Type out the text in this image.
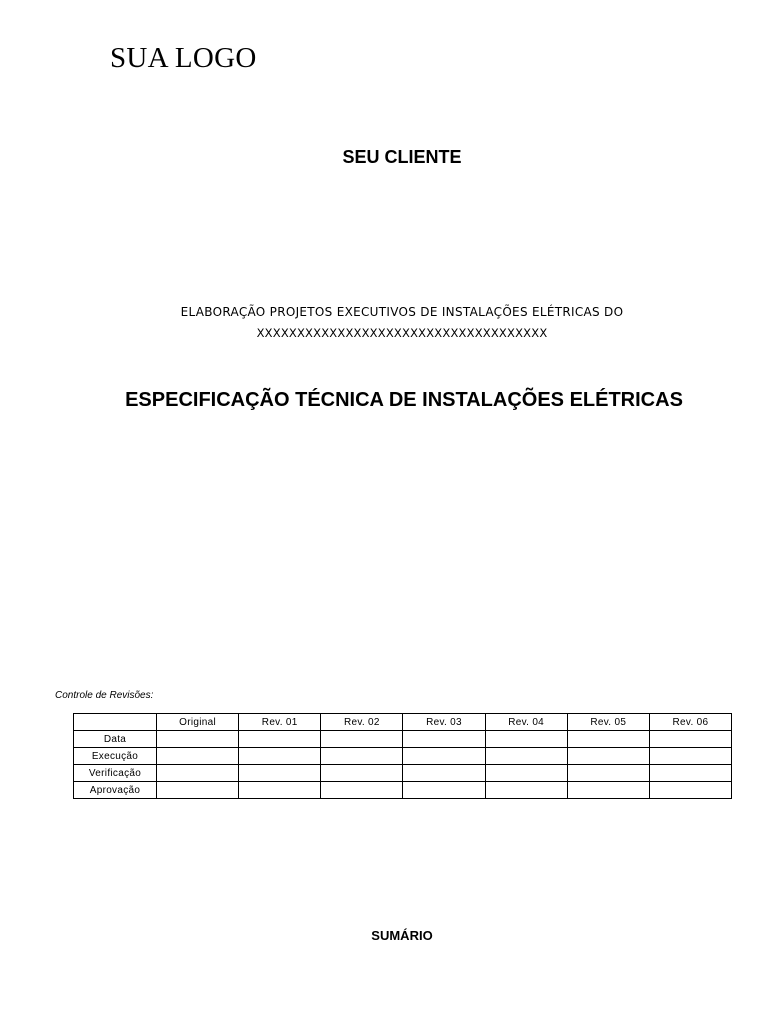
SUA LOGO
SEU CLIENTE
ELABORAÇÃO PROJETOS EXECUTIVOS DE INSTALAÇÕES ELÉTRICAS DO
XXXXXXXXXXXXXXXXXXXXXXXXXXXXXXXXXXXX
ESPECIFICAÇÃO TÉCNICA DE INSTALAÇÕES ELÉTRICAS
Controle de Revisões:
	Original	Rev. 01	Rev. 02	Rev. 03	Rev. 04	Rev. 05	Rev. 06
Data							
Execução							
Verificação							
Aprovação							
SUMÁRIO
